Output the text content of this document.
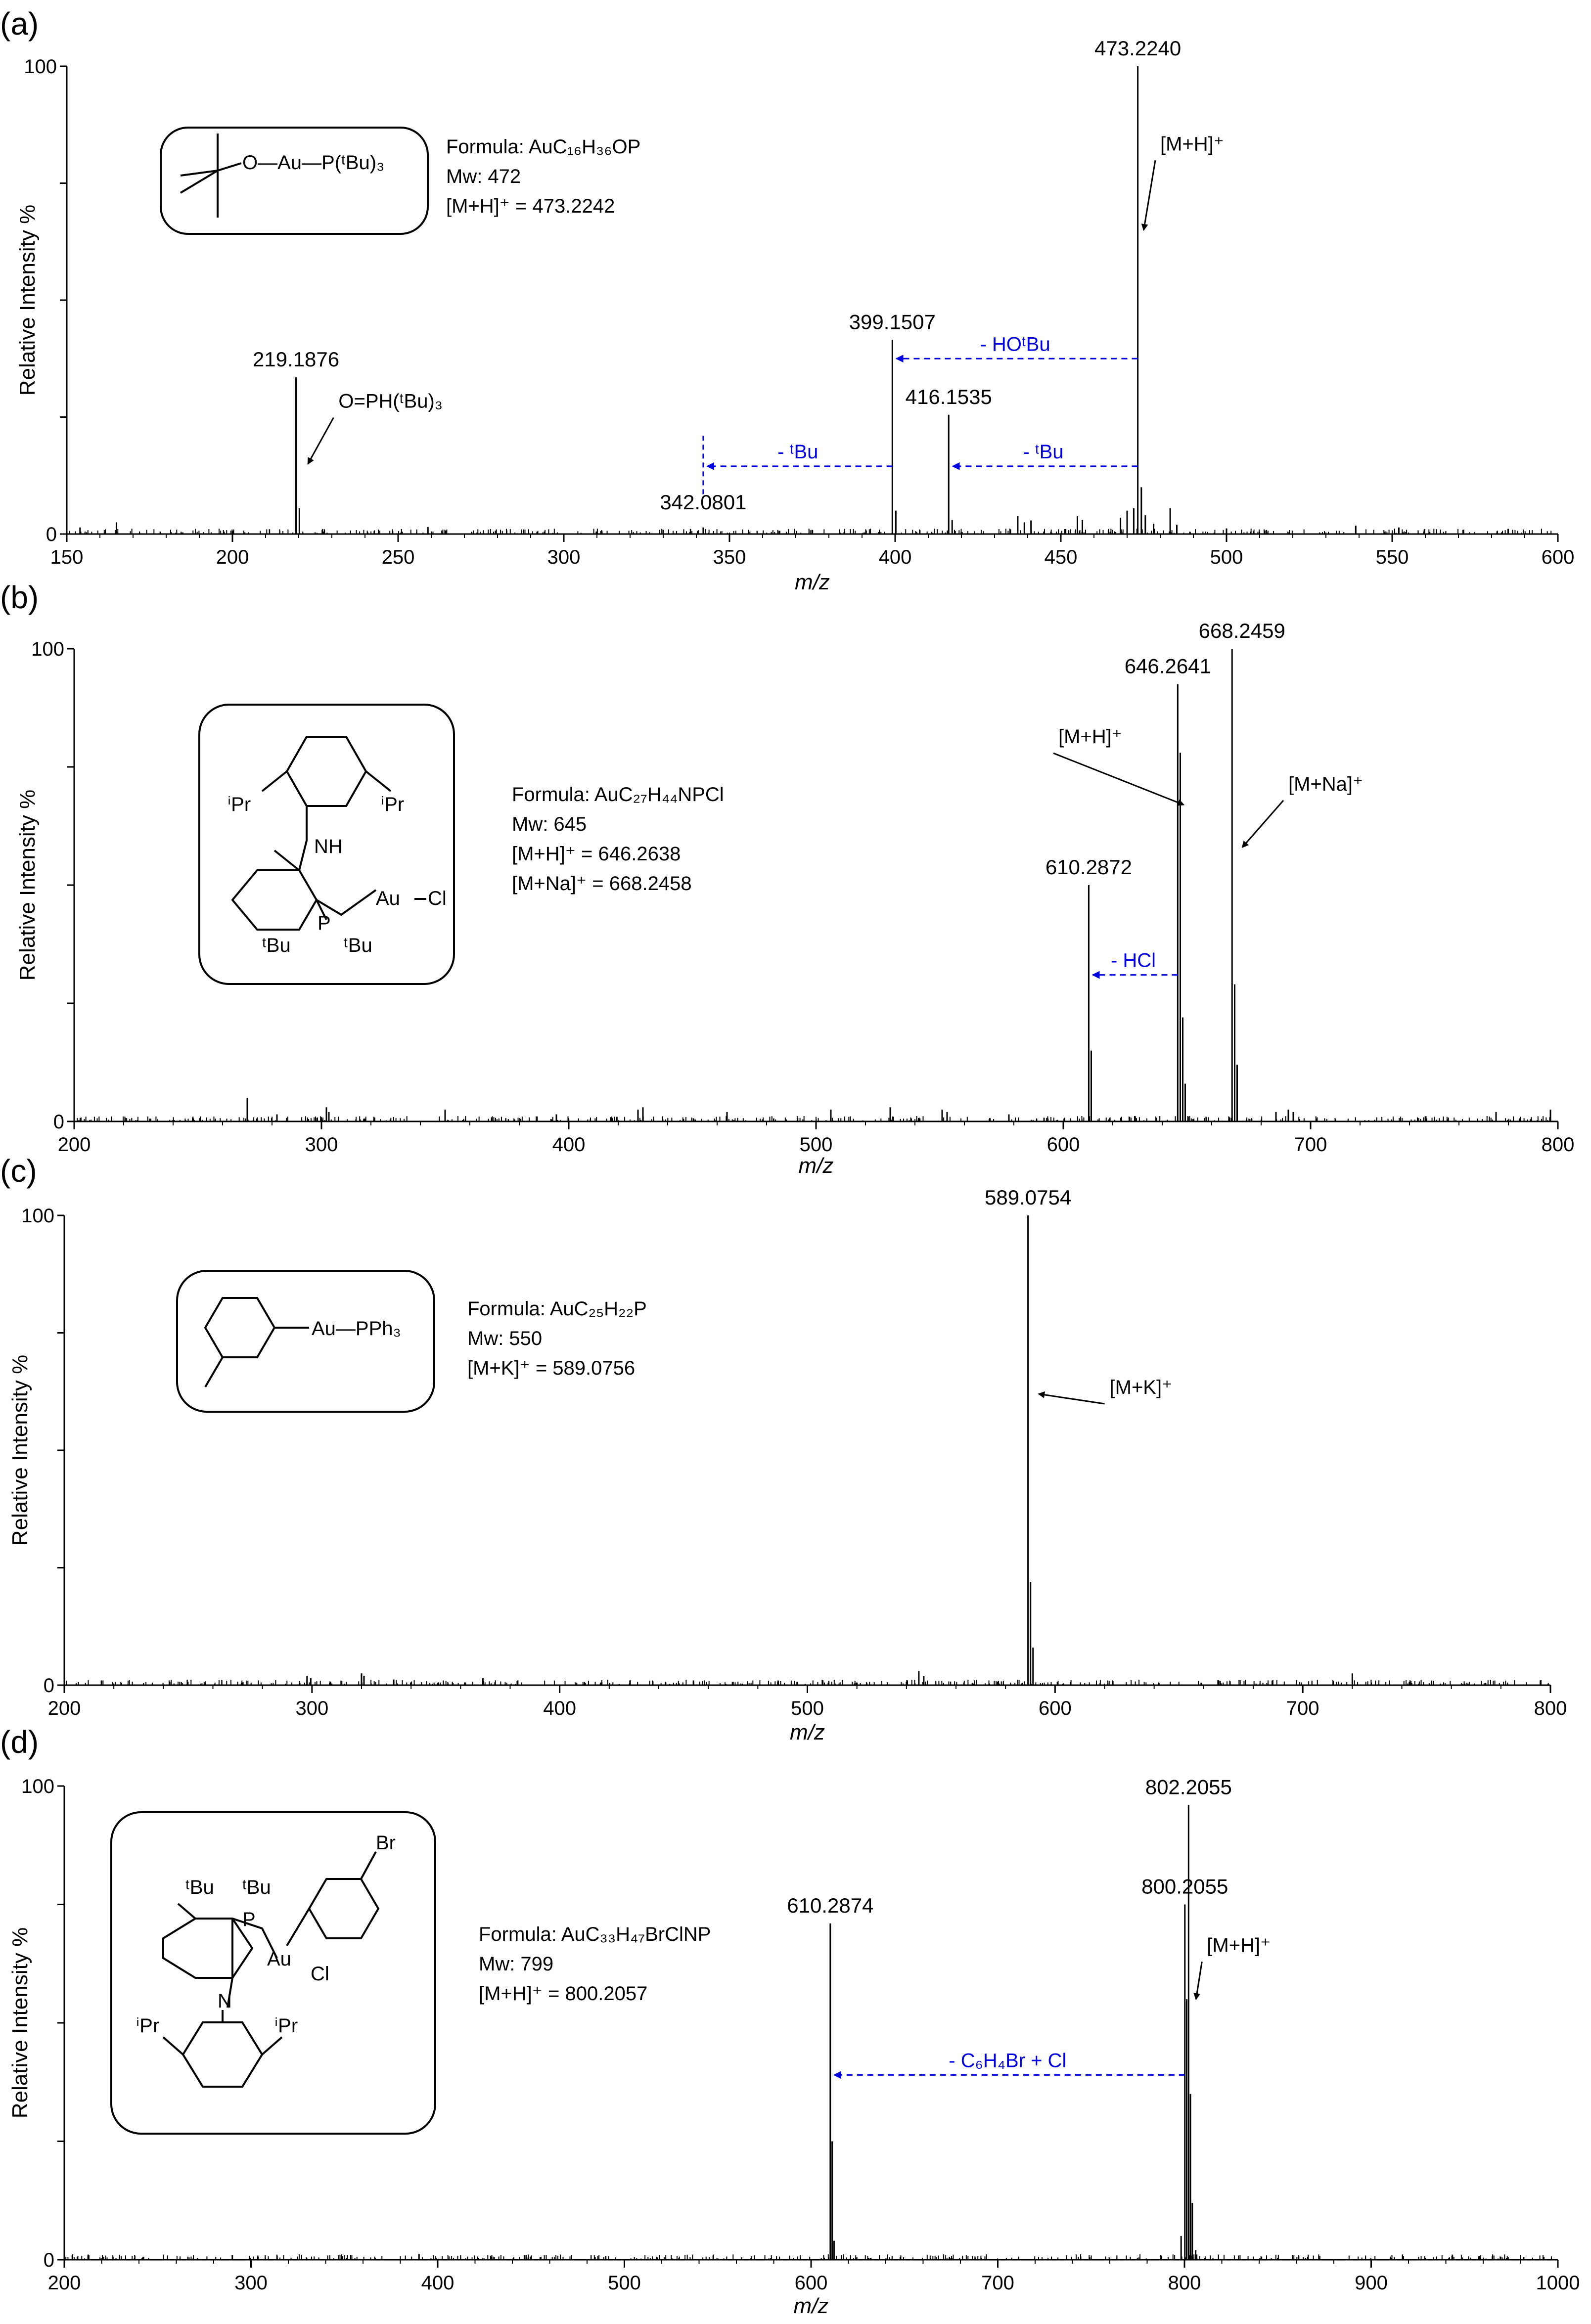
(a)
0
100
150	200	250	300	350	400	450	500	550	600
Relative Intensity %
m/z
219.1876
342.0801
399.1507
416.1535
473.2240
[M+H]⁺
O=PH(ᵗBu)₃
- HOᵗBu
- ᵗBu
- ᵗBu
O—Au—P(ᵗBu)₃
Formula: AuC₁₆H₃₆OP
Mw: 472
[M+H]⁺ = 473.2242
(b)
0
100
200	300	400	500	600	700	800
Relative Intensity %
m/z
610.2872
646.2641
668.2459
[M+H]⁺
[M+Na]⁺
- HCl
ⁱPr	ⁱPr
NH
Au Cl
P
ᵗBu	ᵗBu
Formula: AuC₂₇H₄₄NPCl
Mw: 645
[M+H]⁺ = 646.2638
[M+Na]⁺ = 668.2458
(c)
0
100
200	300	400	500	600	700	800
Relative Intensity %
m/z
589.0754
[M+K]⁺
Au—PPh₃
Formula: AuC₂₅H₂₂P
Mw: 550
[M+K]⁺ = 589.0756
(d)
0
100
200	300	400	500	600	700	800	900	1000
Relative Intensity %
m/z
610.2874
800.2055
802.2055
[M+H]⁺
- C₆H₄Br + Cl
ᵗBu ᵗBu
P
Au
Cl
N
Br
ⁱPr	ⁱPr
Formula: AuC₃₃H₄₇BrClNP
Mw: 799
[M+H]⁺ = 800.2057
